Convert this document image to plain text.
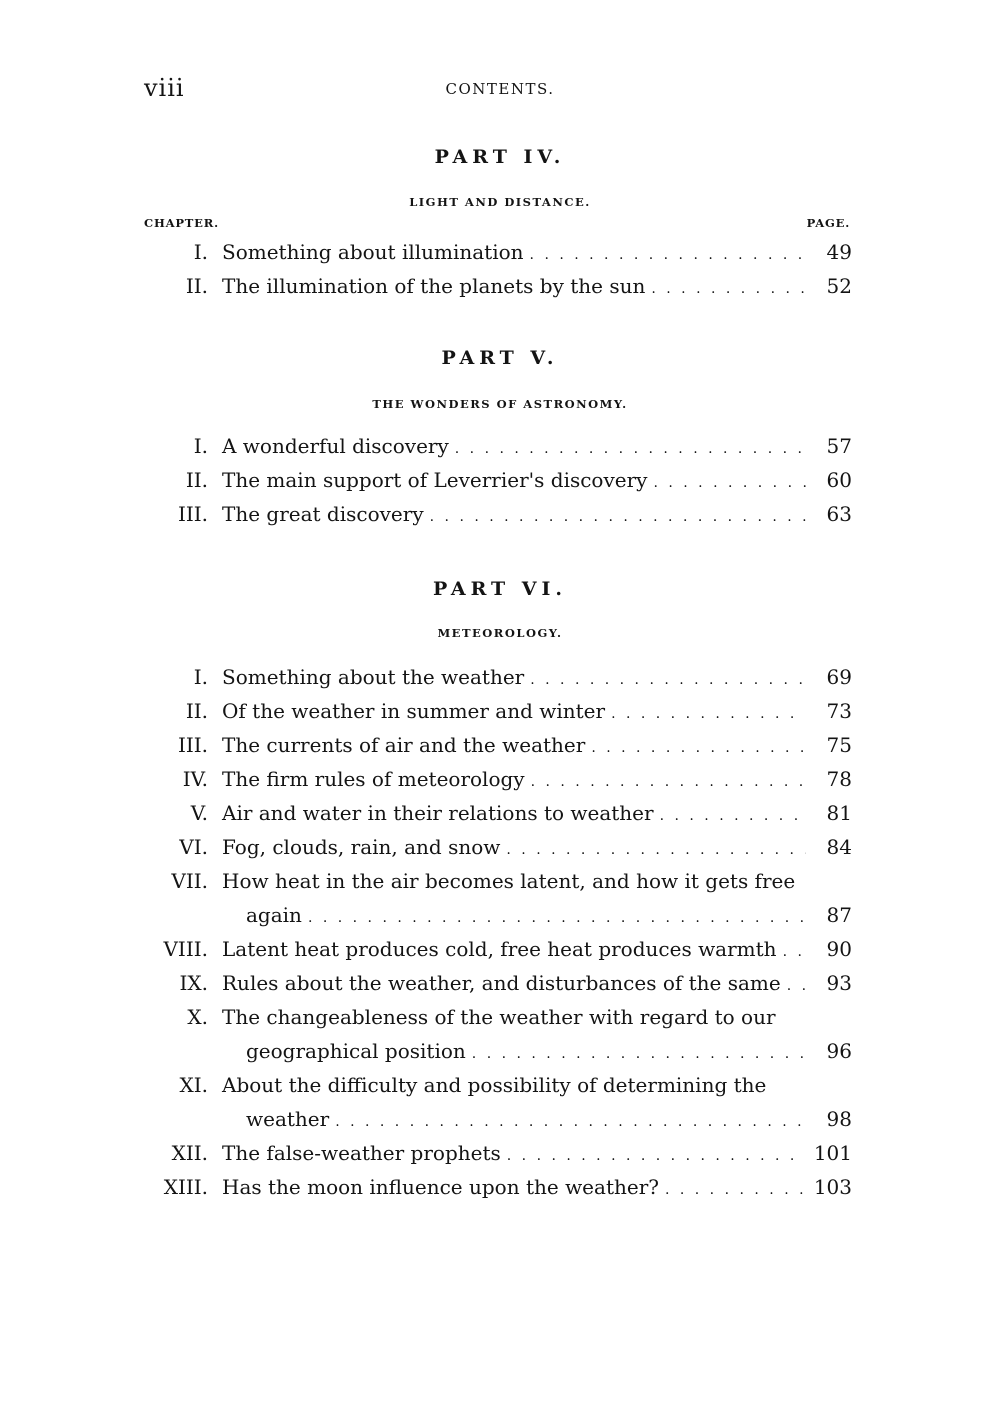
viii	CONTENTS.
PART IV.
LIGHT AND DISTANCE.
CHAPTER.	PAGE.
I. Something about illumination . . .	49
II. The illumination of the planets by the sun . . .	52
PART V.
THE WONDERS OF ASTRONOMY.
I. A wonderful discovery . . .	57
II. The main support of Leverrier's discovery . . .	60
III. The great discovery . . .	63
PART VI.
METEOROLOGY.
I. Something about the weather . . .	69
II. Of the weather in summer and winter . . .	73
III. The currents of air and the weather . . .	75
IV. The firm rules of meteorology . . .	78
V. Air and water in their relations to weather . . .	81
VI. Fog, clouds, rain, and snow . . .	84
VII. How heat in the air becomes latent, and how it gets free
again . . .	87
VIII. Latent heat produces cold, free heat produces warmth . . .	90
IX. Rules about the weather, and disturbances of the same . . .	93
X. The changeableness of the weather with regard to our
geographical position . . .	96
XI. About the difficulty and possibility of determining the
weather . . .	98
XII. The false-weather prophets . . .	101
XIII. Has the moon influence upon the weather? . . .	103
